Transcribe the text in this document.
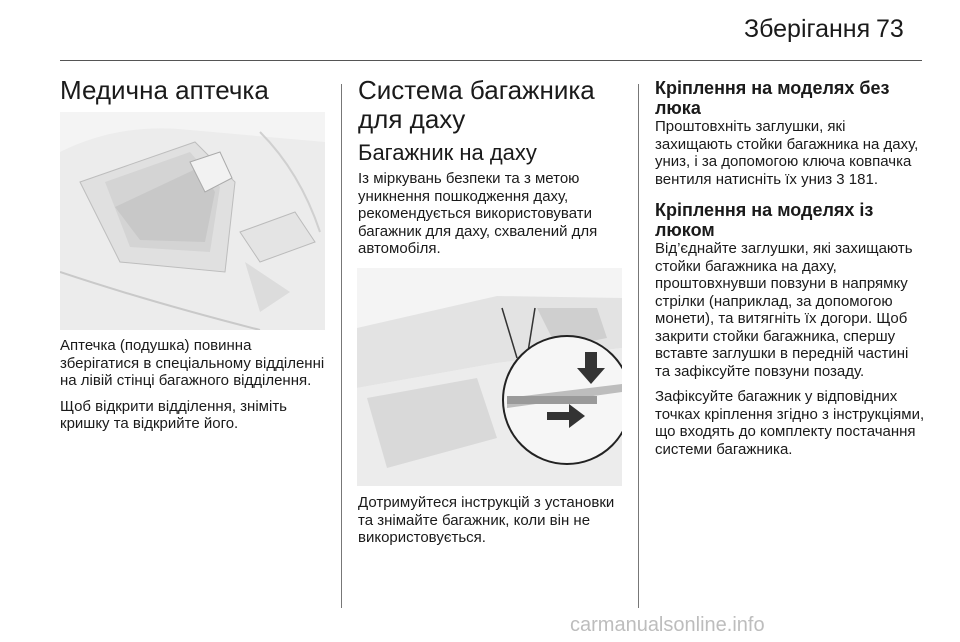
Зберігання 73
Медична аптечка

Аптечка (подушка) повинна зберігатися в спеціальному відділенні на лівій стінці багажного відділення.

Щоб відкрити відділення, зніміть кришку та відкрийте його.

Система багажника для даху
Багажник на даху

Із міркувань безпеки та з метою уникнення пошкодження даху, рекомендується використовувати багажник для даху, схвалений для автомобіля.

Дотримуйтеся інструкцій з установки та знімайте багажник, коли він не використовується.

Кріплення на моделях без люка

Проштовхніть заглушки, які захищають стойки багажника на даху, униз, і за допомогою ключа ковпачка вентиля натисніть їх униз 3 181.

Кріплення на моделях із люком

Від’єднайте заглушки, які захищають стойки багажника на даху, проштовхнувши повзуни в напрямку стрілки (наприклад, за допомогою монети), та витягніть їх догори. Щоб закрити стойки багажника, спершу вставте заглушки в передній частині та зафіксуйте повзуни позаду.

Зафіксуйте багажник у відповідних точках кріплення згідно з інструкціями, що входять до комплекту постачання системи багажника.

carmanualsonline.info
